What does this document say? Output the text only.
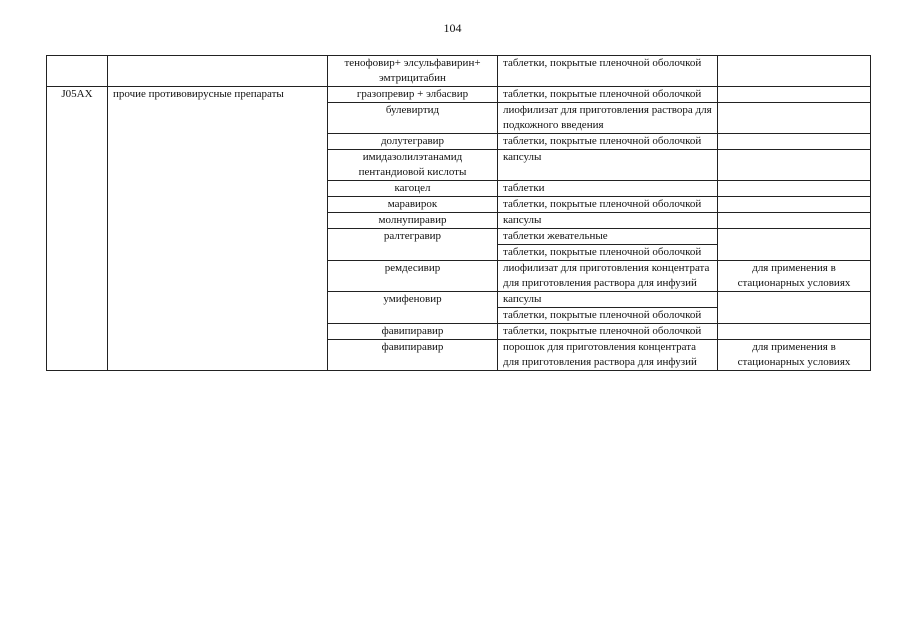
104
		тенофовир+ элсульфавирин+ эмтрицитабин	таблетки, покрытые пленочной оболочкой	
J05AX	прочие противовирусные препараты	гразопревир + элбасвир	таблетки, покрытые пленочной оболочкой	
		булевиртид	лиофилизат для приготовления раствора для подкожного введения	
		долутегравир	таблетки, покрытые пленочной оболочкой	
		имидазолилэтанамид пентандиовой кислоты	капсулы	
		кагоцел	таблетки	
		маравирок	таблетки, покрытые пленочной оболочкой	
		молнупиравир	капсулы	
		ралтегравир	таблетки жевательные	
			таблетки, покрытые пленочной оболочкой	
		ремдесивир	лиофилизат для приготовления концентрата для приготовления раствора для инфузий	для применения в стационарных условиях
		умифеновир	капсулы	
			таблетки, покрытые пленочной оболочкой	
		фавипиравир	таблетки, покрытые пленочной оболочкой	
		фавипиравир	порошок для приготовления концентрата для приготовления раствора для инфузий	для применения в стационарных условиях
